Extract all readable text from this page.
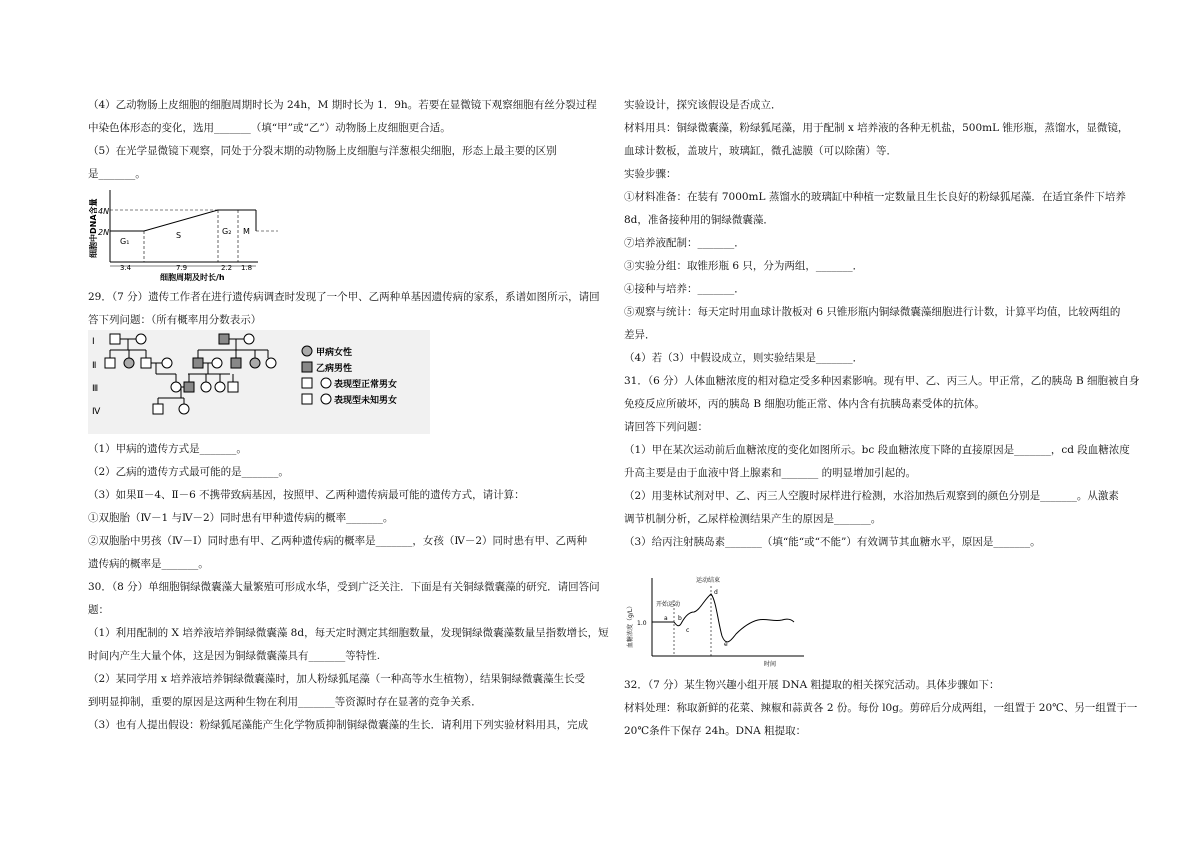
（4）乙动物肠上皮细胞的细胞周期时长为 24h，M 期时长为 1．9h。若要在显微镜下观察细胞有丝分裂过程
中染色体形态的变化，选用_______（填“甲”或“乙”）动物肠上皮细胞更合适。
（5）在光学显微镜下观察，同处于分裂末期的动物肠上皮细胞与洋葱根尖细胞，形态上最主要的区别
是_______。
细胞中DNA含量 4N
2N
G₁
S	G₂ M
3.4	7.9	2.2 1.8
细胞周期及时长/h
29．（7 分）遗传工作者在进行遗传病调查时发现了一个甲、乙两种单基因遗传病的家系，系谱如图所示，请回
答下列问题：（所有概率用分数表示）
Ⅰ
Ⅱ
Ⅲ
Ⅳ
甲病女性
乙病男性
表现型正常男女
表现型未知男女
（1）甲病的遗传方式是_______。
（2）乙病的遗传方式最可能的是_______。
（3）如果Ⅱ－4、Ⅱ－6 不携带致病基因，按照甲、乙两种遗传病最可能的遗传方式，请计算：
①双胞胎（Ⅳ－1 与Ⅳ－2）同时患有甲种遗传病的概率_______。
②双胞胎中男孩（Ⅳ－I）同时患有甲、乙两种遗传病的概率是_______，女孩（Ⅳ－2）同时患有甲、乙两种
遗传病的概率是_______。
30．（8 分）单细胞铜绿微囊藻大量繁殖可形成水华，受到广泛关注．下面是有关铜绿微囊藻的研究．请回答问
题：
（1）利用配制的 X 培养液培养铜绿微囊藻 8d，每天定时测定其细胞数量，发现铜绿微囊藻数量呈指数增长，短
时间内产生大量个体，这是因为铜绿微囊藻具有_______等特性.
（2）某同学用 x 培养液培养铜绿微囊藻时，加人粉绿狐尾藻（一种高等水生植物），结果铜绿微囊藻生长受
到明显抑制，重要的原因是这两种生物在利用_______等资源时存在显著的竞争关系．
（3）也有人提出假设：粉绿狐尾藻能产生化学物质抑制铜绿微囊藻的生长．请利用下列实验材料用具，完成
实验设计，探究该假设是否成立．
材料用具：铜绿微囊藻，粉绿狐尾藻，用于配制 x 培养液的各种无机盐，500mL 锥形瓶，蒸馏水，显微镜，
血球计数板，盖玻片，玻璃缸，微孔滤膜（可以除菌）等．
实验步骤：
①材料准备：在装有 7000mL 蒸馏水的玻璃缸中种植一定数量且生长良好的粉绿狐尾藻．在适宜条件下培养
8d，准备接种用的铜绿微囊藻．
⑦培养液配制：_______．
③实验分组：取锥形瓶 6 只，分为两组，_______．
④接种与培养：_______．
⑤观察与统计：每天定时用血球计散板对 6 只锥形瓶内铜绿微囊藻细胞进行计数，计算平均值，比较两组的
差异．
（4）若（3）中假设成立，则实验结果是_______．
31．（6 分）人体血糖浓度的相对稳定受多种因素影响。现有甲、乙、丙三人。甲正常，乙的胰岛 B 细胞被自身
免疫反应所破坏，丙的胰岛 B 细胞功能正常、体内含有抗胰岛素受体的抗体。
请回答下列问题：
（1）甲在某次运动前后血糖浓度的变化如图所示。bc 段血糖浓度下降的直接原因是_______，cd 段血糖浓度
升高主要是由于血液中肾上腺素和_______ 的明显增加引起的。
（2）用斐林试剂对甲、乙、丙三人空腹时尿样进行检测，水浴加热后观察到的颜色分别是_______。从激素
调节机制分析，乙尿样检测结果产生的原因是_______。
（3）给丙注射胰岛素_______（填“能“或“不能”）有效调节其血糖水平，原因是_______。
血糖浓度（g/L） 1.0
开始运动
运动结束
a b
c
d
e
时间
32．（7 分）某生物兴趣小组开展 DNA 粗提取的相关探究活动。具体步骤如下：
材料处理：称取新鲜的花菜、辣椒和蒜黄各 2 份。每份 l0g。剪碎后分成两组，一组置于 20℃、另一组置于一
20℃条件下保存 24h。DNA 粗提取：
